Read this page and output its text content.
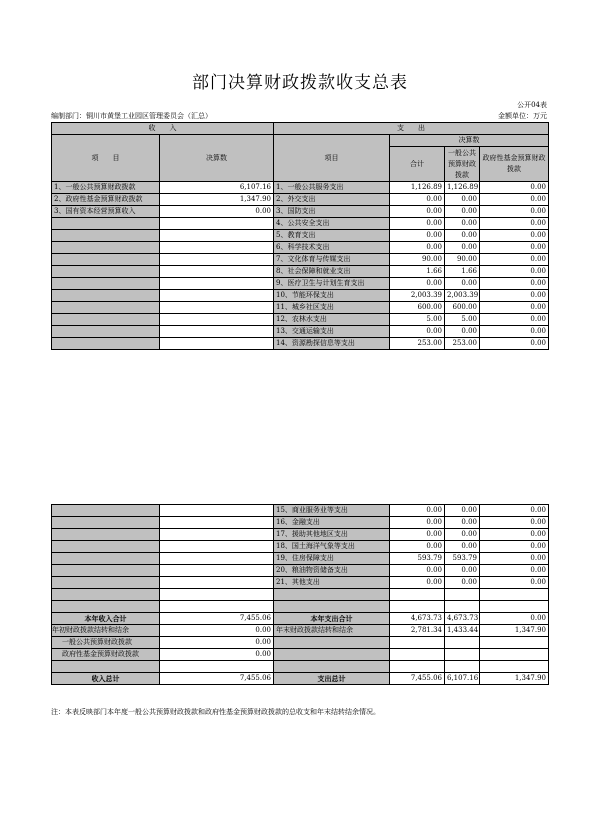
部门决算财政拨款收支总表
公开04表
编制部门：铜川市黄堡工业园区管理委员会（汇总）	金额单位：万元
收　　入		支　　出			
项　　目	决算数	项目	决算数		
			合计	一般公共预算财政拨款	政府性基金预算财政拨款

1、一般公共预算财政拨款	6,107.16	1、一般公共服务支出	1,126.89	1,126.89	0.00
2、政府性基金预算财政拨款	1,347.90	2、外交支出	0.00	0.00	0.00
3、国有资本经营预算收入	0.00	3、国防支出	0.00	0.00	0.00
		4、公共安全支出	0.00	0.00	0.00
		5、教育支出	0.00	0.00	0.00
		6、科学技术支出	0.00	0.00	0.00
		7、文化体育与传媒支出	90.00	90.00	0.00
		8、社会保障和就业支出	1.66	1.66	0.00
		9、医疗卫生与计划生育支出	0.00	0.00	0.00
		10、节能环保支出	2,003.39	2,003.39	0.00
		11、城乡社区支出	600.00	600.00	0.00
		12、农林水支出	5.00	5.00	0.00
		13、交通运输支出	0.00	0.00	0.00
		14、资源勘探信息等支出	253.00	253.00	0.00
		15、商业服务业等支出	0.00	0.00	0.00
		16、金融支出	0.00	0.00	0.00
		17、援助其他地区支出	0.00	0.00	0.00
		18、国土海洋气象等支出	0.00	0.00	0.00
		19、住房保障支出	593.79	593.79	0.00
		20、粮油物资储备支出	0.00	0.00	0.00
		21、其他支出	0.00	0.00	0.00

本年收入合计	7,455.06	本年支出合计	4,673.73	4,673.73	0.00
年初财政拨款结转和结余	0.00	年末财政拨款结转和结余	2,781.34	1,433.44	1,347.90
一般公共预算财政拨款	0.00				
政府性基金预算财政拨款	0.00				

收入总计	7,455.06	支出总计	7,455.06	6,107.16	1,347.90
注：本表反映部门本年度一般公共预算财政拨款和政府性基金预算财政拨款的总收支和年末结转结余情况。
